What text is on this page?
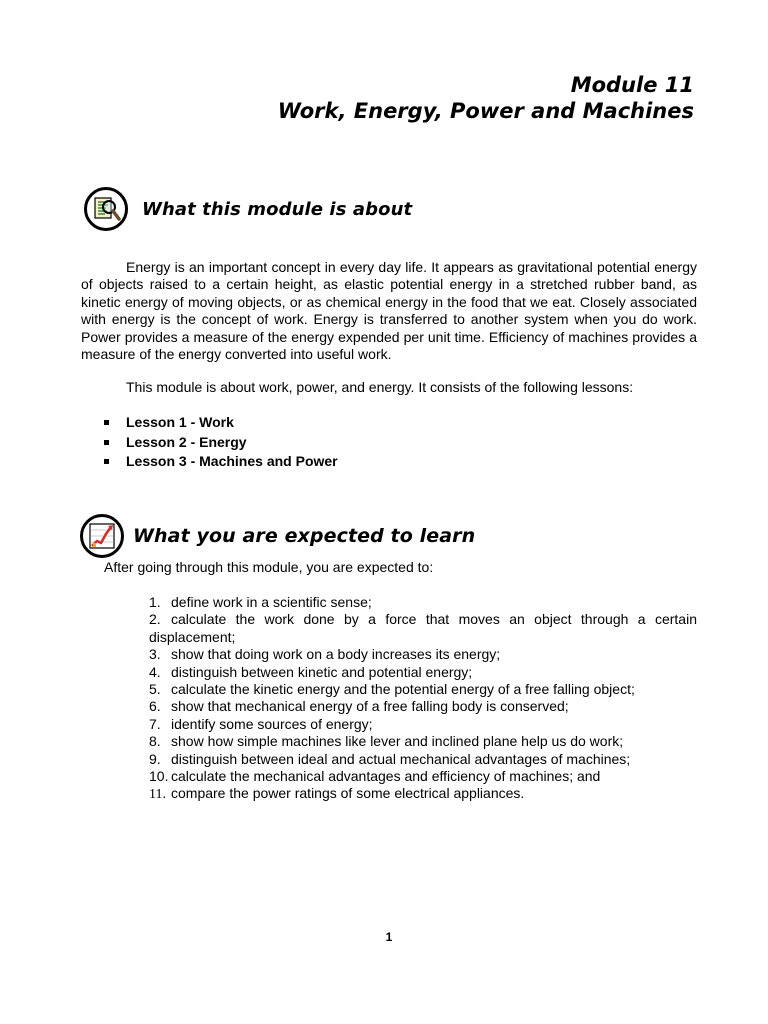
Module 11
Work, Energy, Power and Machines
What this module is about

Energy is an important concept in every day life. It appears as gravitational potential energy of objects raised to a certain height, as elastic potential energy in a stretched rubber band, as kinetic energy of moving objects, or as chemical energy in the food that we eat. Closely associated with energy is the concept of work. Energy is transferred to another system when you do work. Power provides a measure of the energy expended per unit time. Efficiency of machines provides a measure of the energy converted into useful work.

This module is about work, power, and energy. It consists of the following lessons:

Lesson 1 - Work
Lesson 2 - Energy
Lesson 3 - Machines and Power
What you are expected to learn

After going through this module, you are expected to:

1. define work in a scientific sense;
2. calculate the work done by a force that moves an object through a certain displacement;
3. show that doing work on a body increases its energy;
4. distinguish between kinetic and potential energy;
5. calculate the kinetic energy and the potential energy of a free falling object;
6. show that mechanical energy of a free falling body is conserved;
7. identify some sources of energy;
8. show how simple machines like lever and inclined plane help us do work;
9. distinguish between ideal and actual mechanical advantages of machines;
10. calculate the mechanical advantages and efficiency of machines; and
11. compare the power ratings of some electrical appliances.
1
